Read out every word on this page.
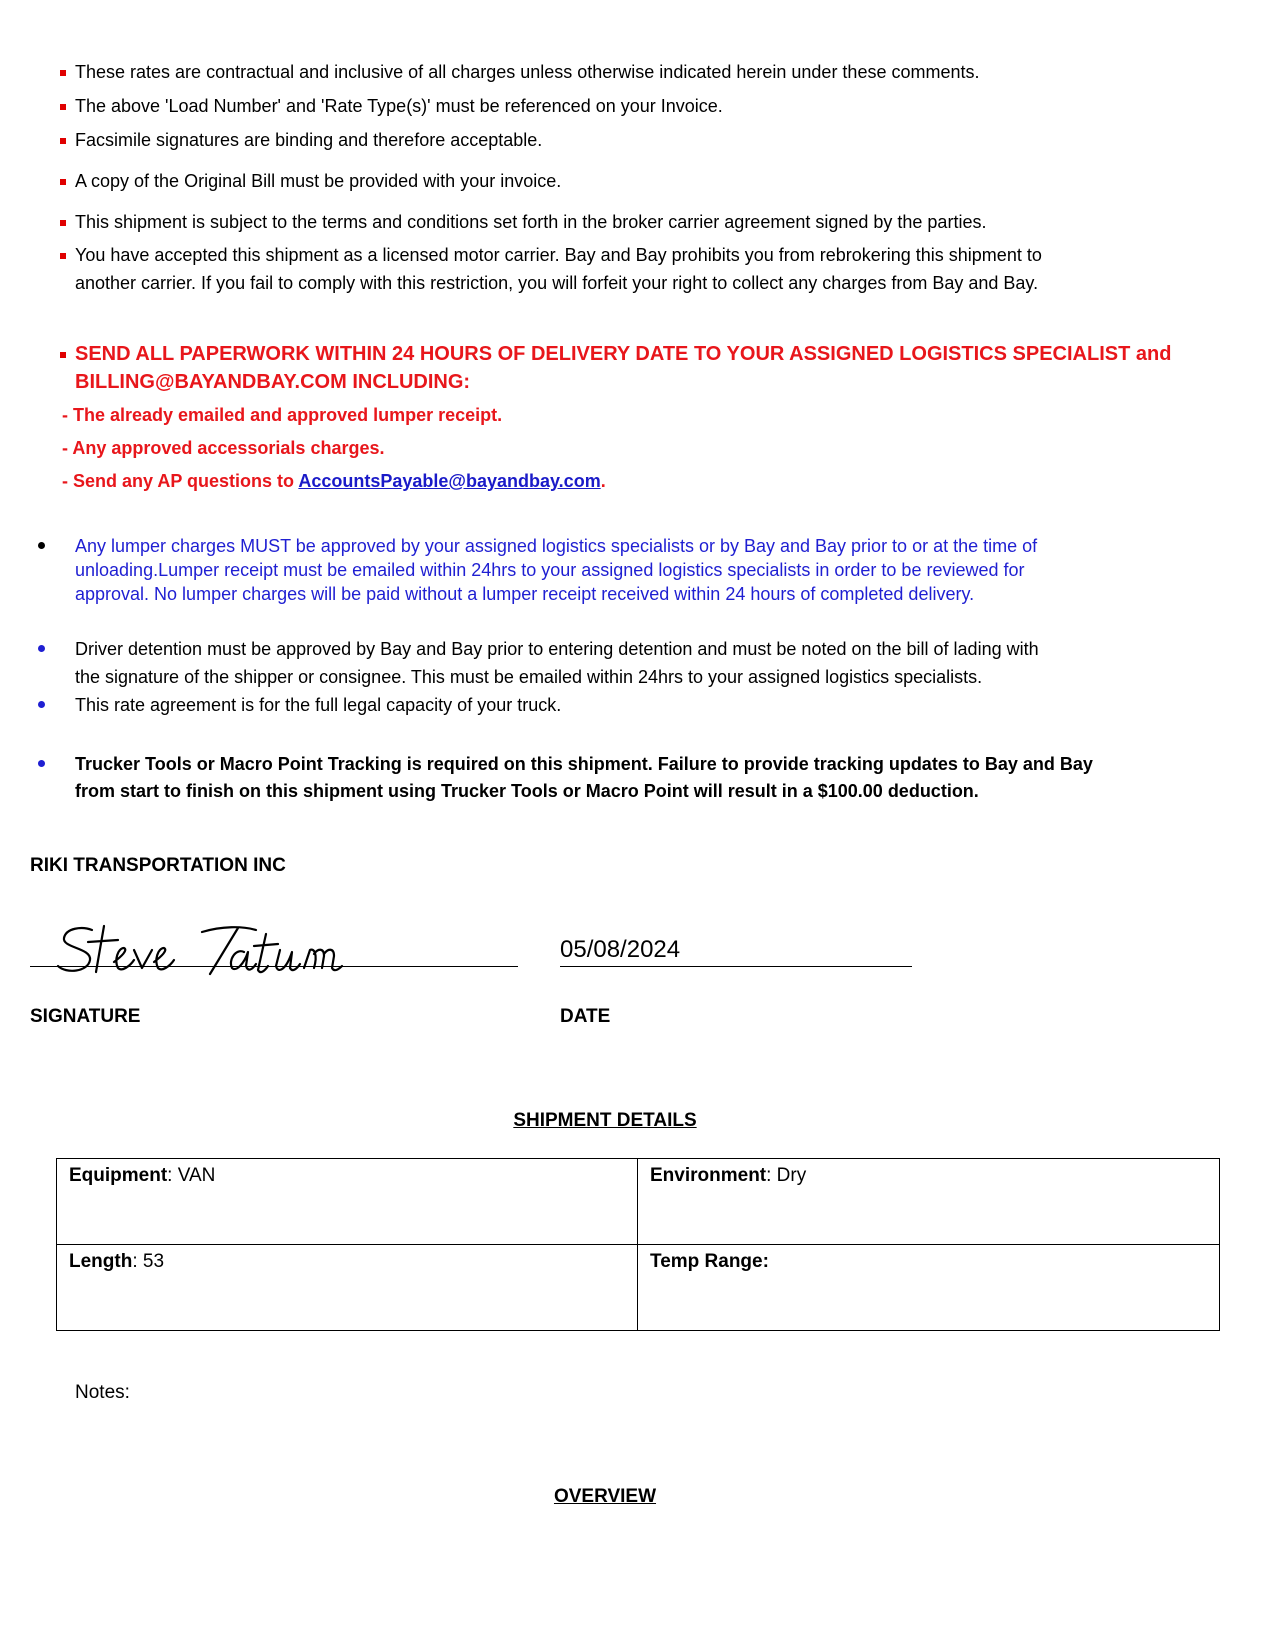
These rates are contractual and inclusive of all charges unless otherwise indicated herein under these comments.
The above 'Load Number' and 'Rate Type(s)' must be referenced on your Invoice.
Facsimile signatures are binding and therefore acceptable.
A copy of the Original Bill must be provided with your invoice.
This shipment is subject to the terms and conditions set forth in the broker carrier agreement signed by the parties.
You have accepted this shipment as a licensed motor carrier. Bay and Bay prohibits you from rebrokering this shipment to
another carrier. If you fail to comply with this restriction, you will forfeit your right to collect any charges from Bay and Bay.
SEND ALL PAPERWORK WITHIN 24 HOURS OF DELIVERY DATE TO YOUR ASSIGNED LOGISTICS SPECIALIST and
BILLING@BAYANDBAY.COM INCLUDING:
- The already emailed and approved lumper receipt.
- Any approved accessorials charges.
- Send any AP questions to AccountsPayable@bayandbay.com.
Any lumper charges MUST be approved by your assigned logistics specialists or by Bay and Bay prior to or at the time of
unloading.Lumper receipt must be emailed within 24hrs to your assigned logistics specialists in order to be reviewed for
approval. No lumper charges will be paid without a lumper receipt received within 24 hours of completed delivery.
Driver detention must be approved by Bay and Bay prior to entering detention and must be noted on the bill of lading with
the signature of the shipper or consignee. This must be emailed within 24hrs to your assigned logistics specialists.
This rate agreement is for the full legal capacity of your truck.
Trucker Tools or Macro Point Tracking is required on this shipment. Failure to provide tracking updates to Bay and Bay
from start to finish on this shipment using Trucker Tools or Macro Point will result in a $100.00 deduction.
RIKI TRANSPORTATION INC
05/08/2024
SIGNATURE	DATE
SHIPMENT DETAILS
Equipment: VAN	Environment: Dry
Length: 53	Temp Range:
Notes:
OVERVIEW
